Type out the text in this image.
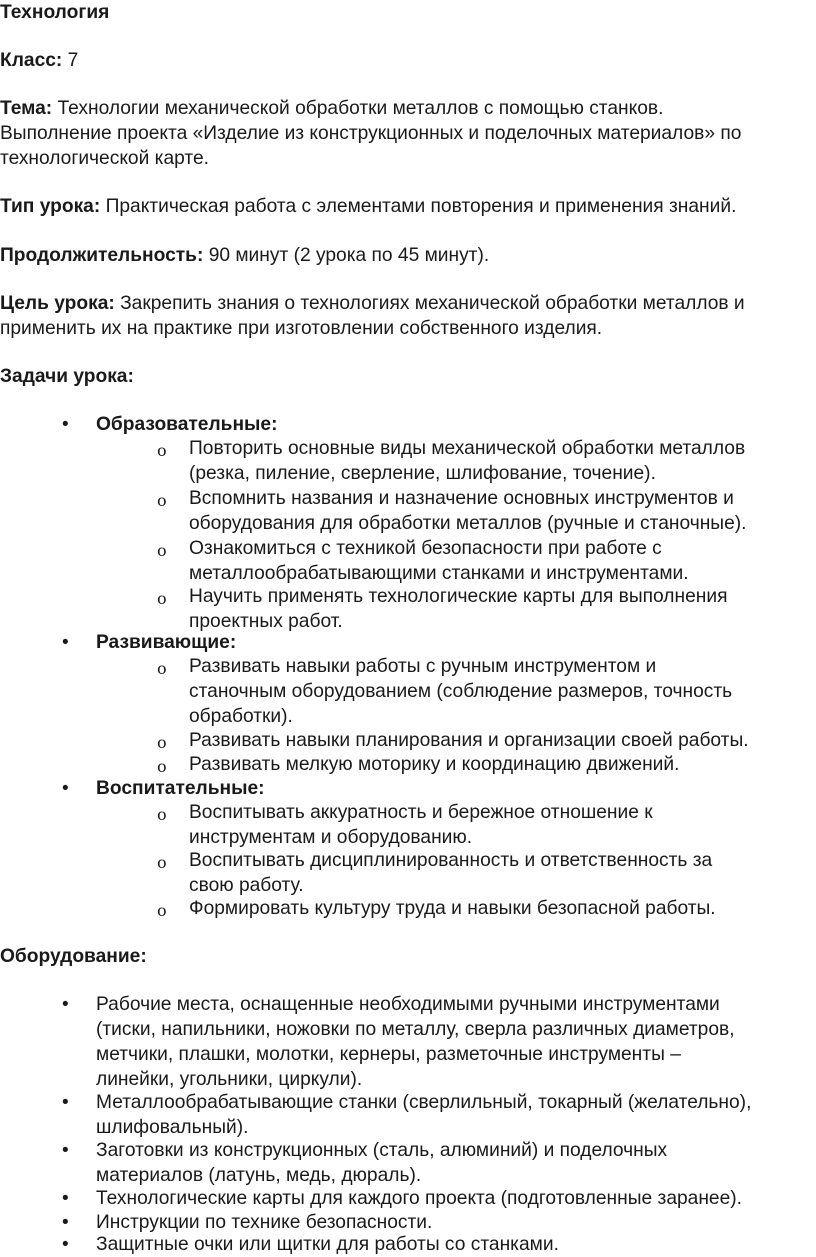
Технология
Класс: 7
Тема: Технологии механической обработки металлов с помощью станков.
Выполнение проекта «Изделие из конструкционных и поделочных материалов» по
технологической карте.
Тип урока: Практическая работа с элементами повторения и применения знаний.
Продолжительность: 90 минут (2 урока по 45 минут).
Цель урока: Закрепить знания о технологиях механической обработки металлов и
применить их на практике при изготовлении собственного изделия.
Задачи урока:
• Образовательные:
o Повторить основные виды механической обработки металлов
(резка, пиление, сверление, шлифование, точение).
o Вспомнить названия и назначение основных инструментов и
оборудования для обработки металлов (ручные и станочные).
o Ознакомиться с техникой безопасности при работе с
металлообрабатывающими станками и инструментами.
o Научить применять технологические карты для выполнения
проектных работ.
• Развивающие:
o Развивать навыки работы с ручным инструментом и
станочным оборудованием (соблюдение размеров, точность
обработки).
o Развивать навыки планирования и организации своей работы.
o Развивать мелкую моторику и координацию движений.
• Воспитательные:
o Воспитывать аккуратность и бережное отношение к
инструментам и оборудованию.
o Воспитывать дисциплинированность и ответственность за
свою работу.
o Формировать культуру труда и навыки безопасной работы.
Оборудование:
• Рабочие места, оснащенные необходимыми ручными инструментами
(тиски, напильники, ножовки по металлу, сверла различных диаметров,
метчики, плашки, молотки, кернеры, разметочные инструменты –
линейки, угольники, циркули).
• Металлообрабатывающие станки (сверлильный, токарный (желательно),
шлифовальный).
• Заготовки из конструкционных (сталь, алюминий) и поделочных
материалов (латунь, медь, дюраль).
• Технологические карты для каждого проекта (подготовленные заранее).
• Инструкции по технике безопасности.
• Защитные очки или щитки для работы со станками.
